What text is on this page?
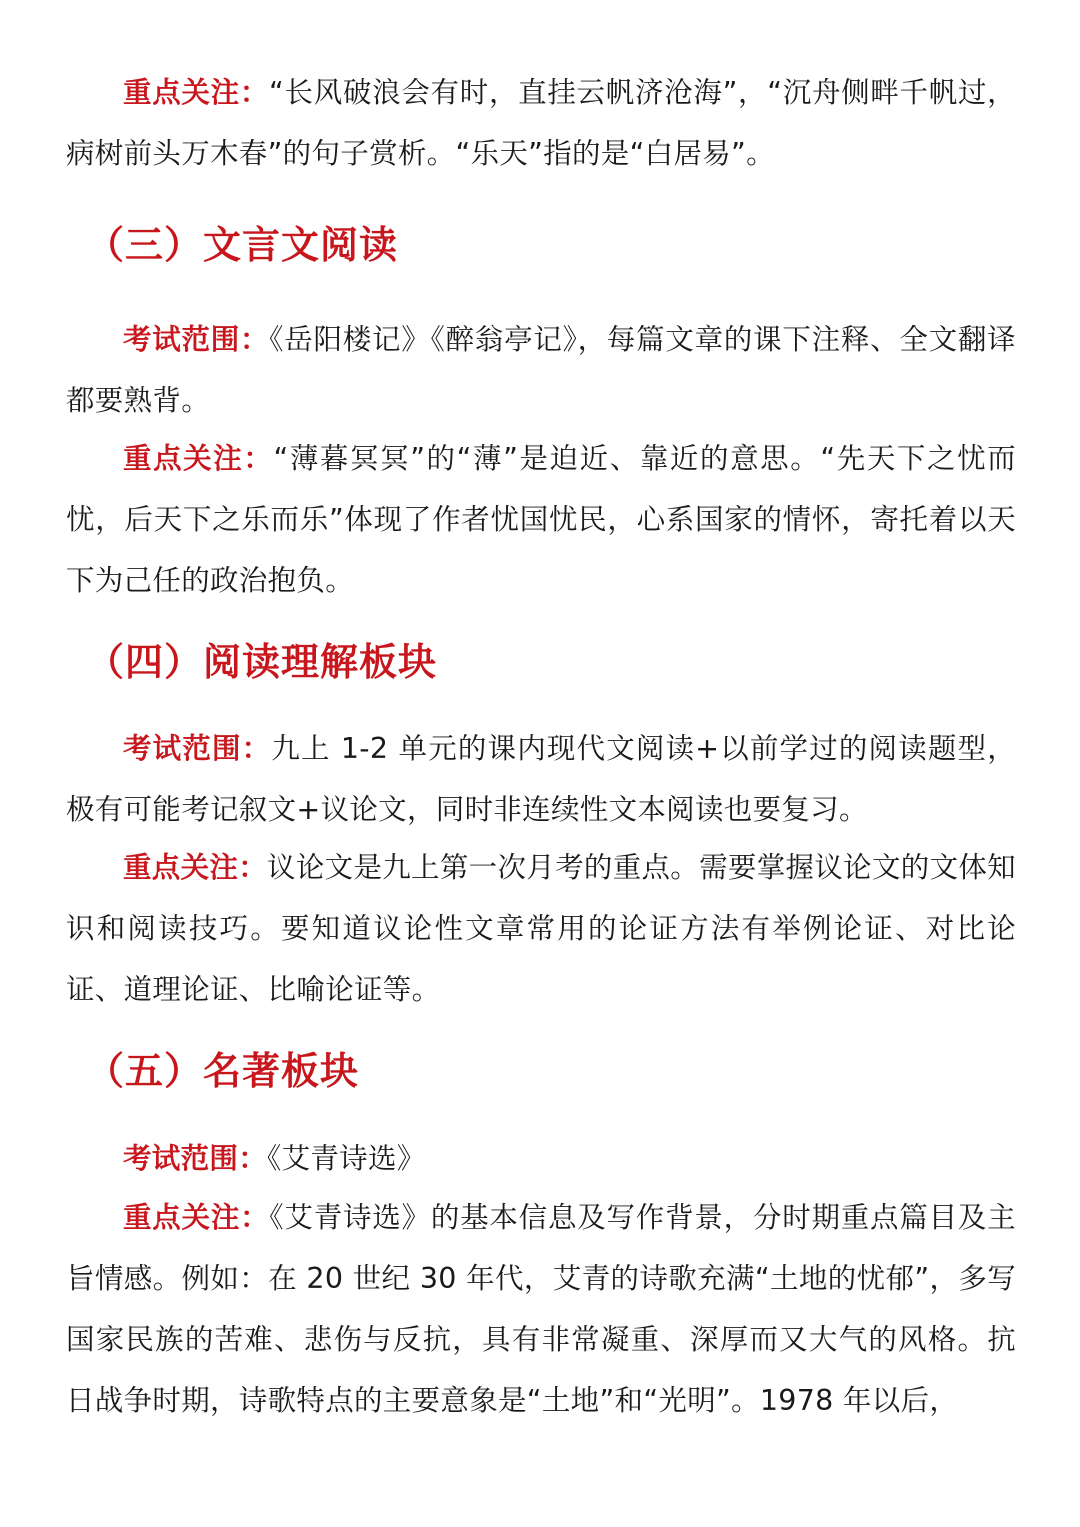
重点关注：“长风破浪会有时，直挂云帆济沧海”，“沉舟侧畔千帆过，病树前头万木春”的句子赏析。“乐天”指的是“白居易”。

（三）文言文阅读

考试范围：《岳阳楼记》《醉翁亭记》，每篇文章的课下注释、全文翻译都要熟背。

重点关注：“薄暮冥冥”的“薄”是迫近、靠近的意思。“先天下之忧而忧，后天下之乐而乐”体现了作者忧国忧民，心系国家的情怀，寄托着以天下为己任的政治抱负。

（四）阅读理解板块

考试范围：九上 1-2 单元的课内现代文阅读+以前学过的阅读题型，极有可能考记叙文+议论文，同时非连续性文本阅读也要复习。

重点关注：议论文是九上第一次月考的重点。需要掌握议论文的文体知识和阅读技巧。要知道议论性文章常用的论证方法有举例论证、对比论证、道理论证、比喻论证等。

（五）名著板块

考试范围：《艾青诗选》

重点关注：《艾青诗选》的基本信息及写作背景，分时期重点篇目及主旨情感。例如：在 20 世纪 30 年代，艾青的诗歌充满“土地的忧郁”，多写国家民族的苦难、悲伤与反抗，具有非常凝重、深厚而又大气的风格。抗日战争时期，诗歌特点的主要意象是“土地”和“光明”。1978 年以后，
